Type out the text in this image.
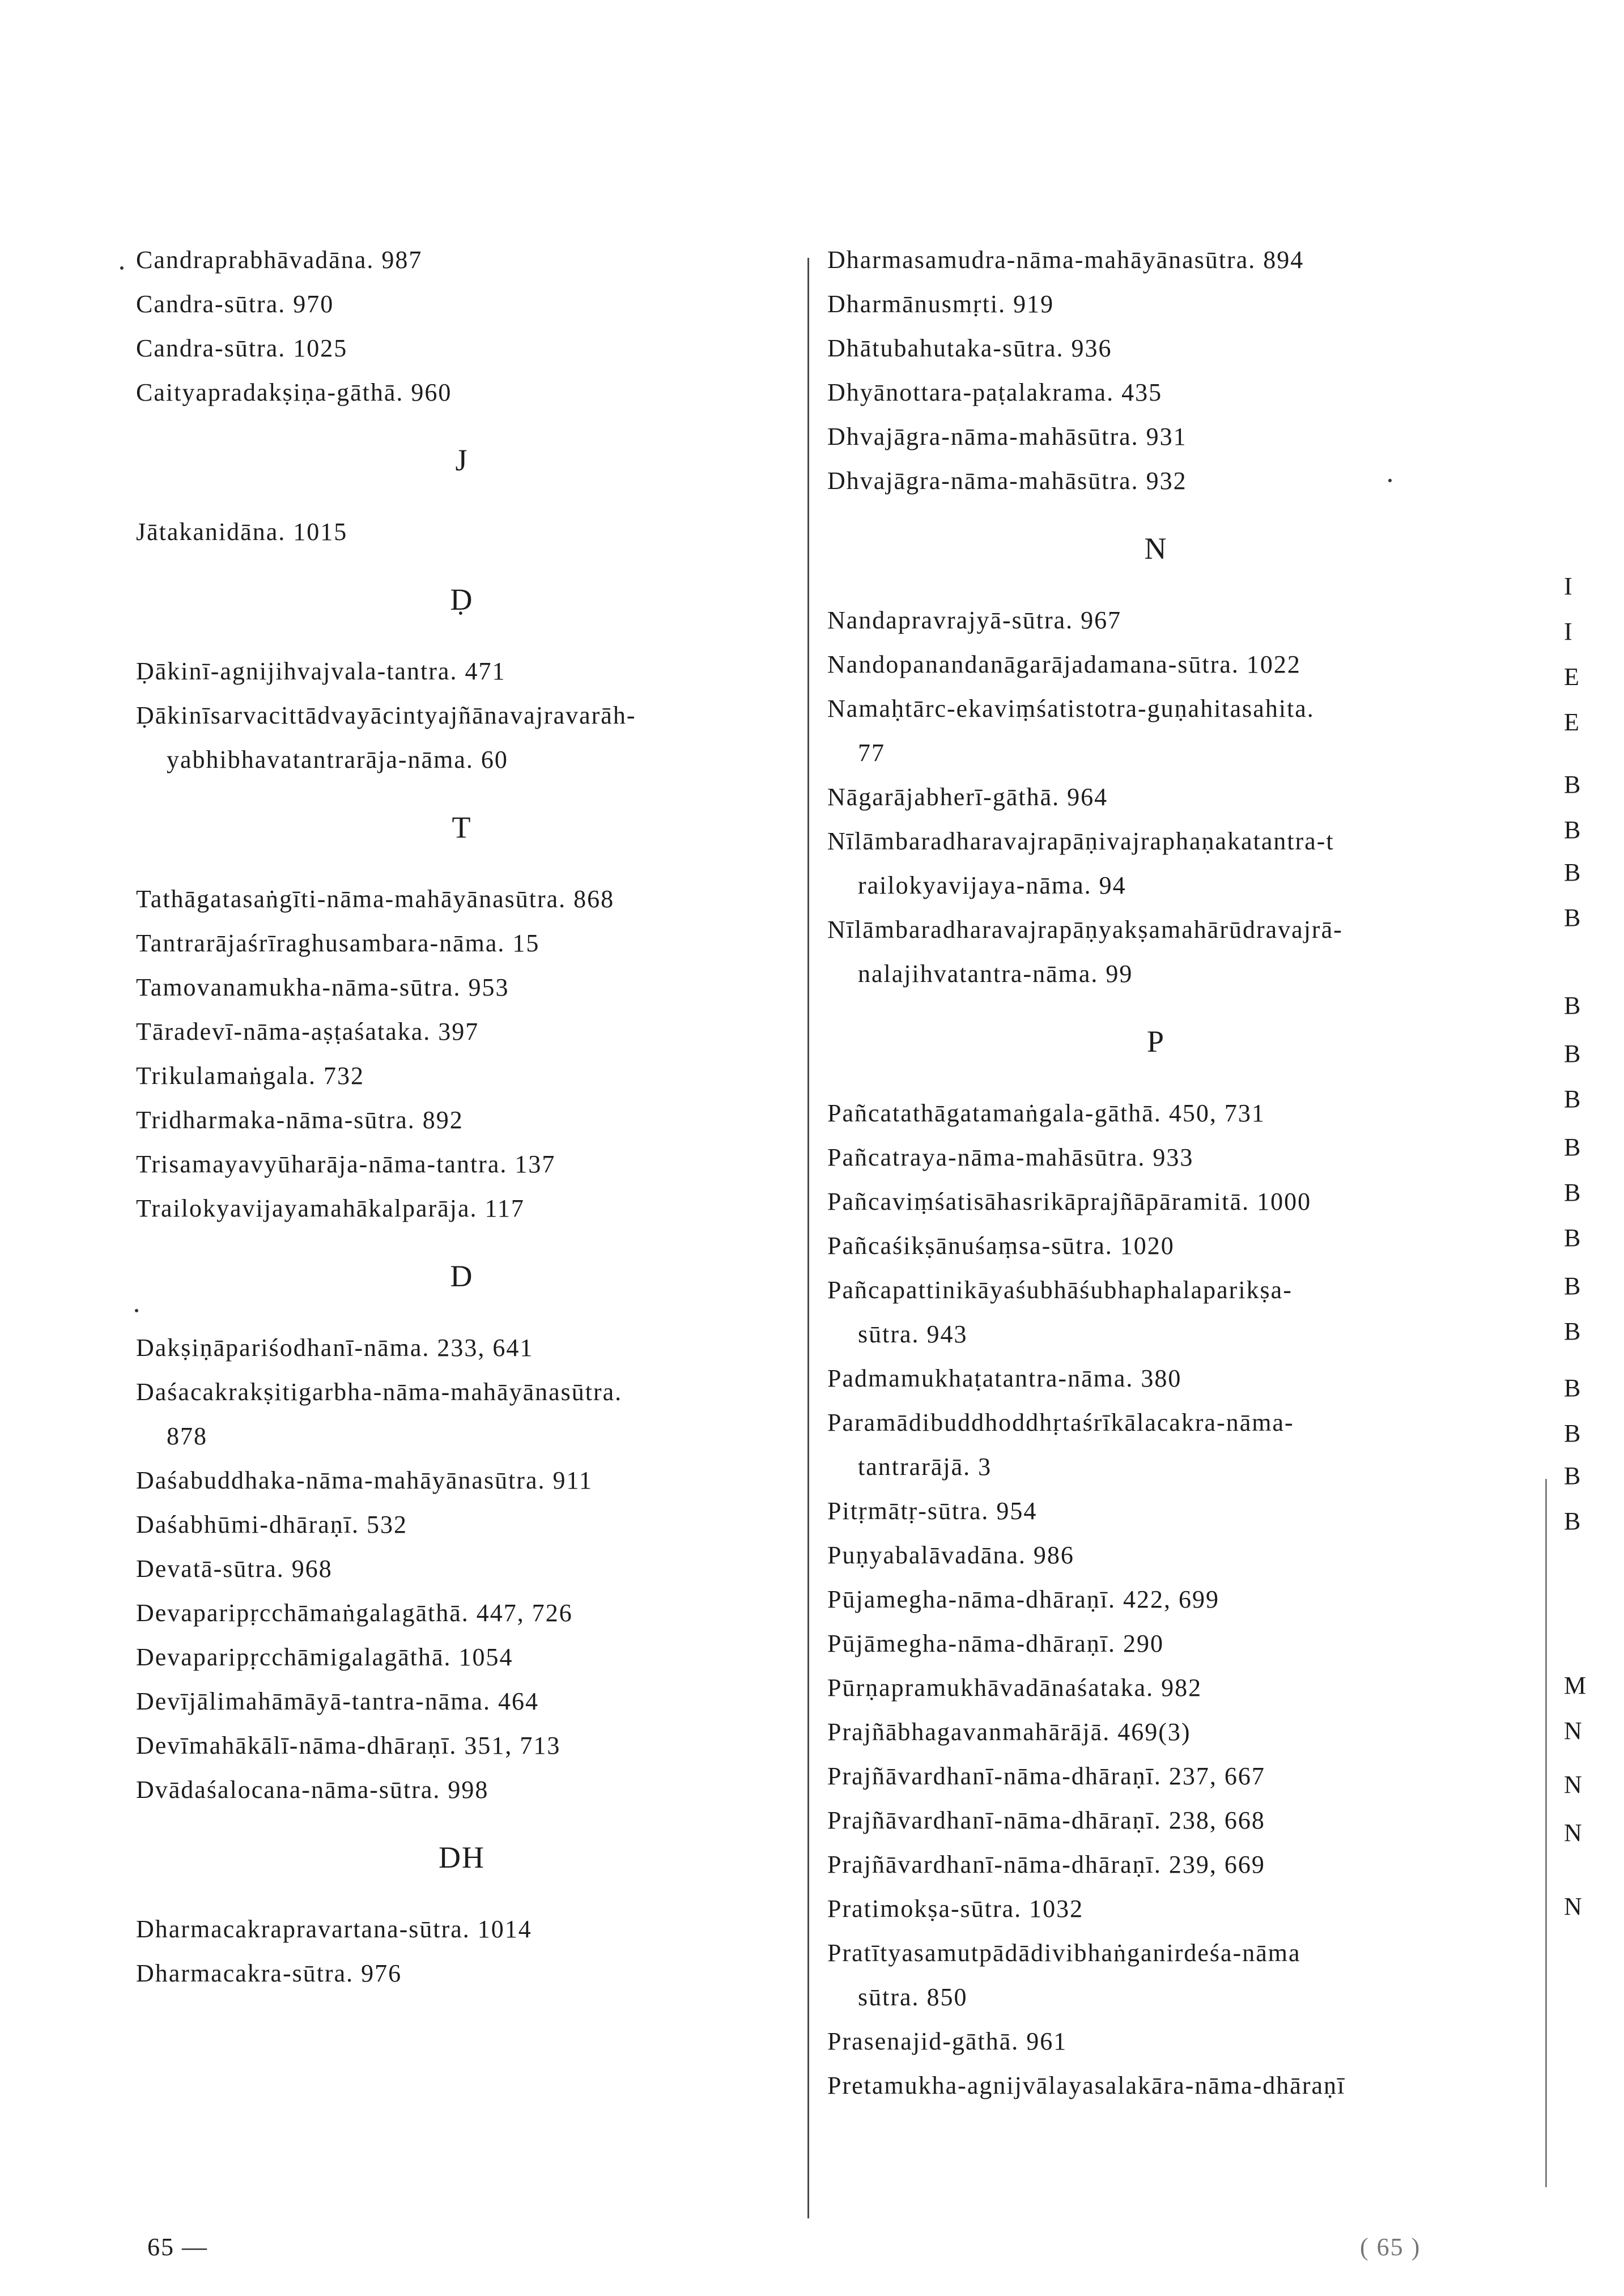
Candraprabhāvadāna. 987
Candra-sūtra. 970
Candra-sūtra. 1025
Caityapradakṣiṇa-gāthā. 960
J
Jātakanidāna. 1015
Ḍ
Ḍākinī-agnijihvajvala-tantra. 471
Ḍākinīsarvacittādvayācintyajñānavajravarāh-
yabhibhavatantrarāja-nāma. 60
T
Tathāgatasaṅgīti-nāma-mahāyānasūtra. 868
Tantrarājaśrīraghusambara-nāma. 15
Tamovanamukha-nāma-sūtra. 953
Tāradevī-nāma-aṣṭaśataka. 397
Trikulamaṅgala. 732
Tridharmaka-nāma-sūtra. 892
Trisamayavyūharāja-nāma-tantra. 137
Trailokyavijayamahākalparāja. 117
D
Dakṣiṇāpariśodhanī-nāma. 233, 641
Daśacakrakṣitigarbha-nāma-mahāyānasūtra.
878
Daśabuddhaka-nāma-mahāyānasūtra. 911
Daśabhūmi-dhāraṇī. 532
Devatā-sūtra. 968
Devaparipṛcchāmaṅgalagāthā. 447, 726
Devaparipṛcchāmigalagāthā. 1054
Devījālimahāmāyā-tantra-nāma. 464
Devīmahākālī-nāma-dhāraṇī. 351, 713
Dvādaśalocana-nāma-sūtra. 998
DH
Dharmacakrapravartana-sūtra. 1014
Dharmacakra-sūtra. 976
Dharmasamudra-nāma-mahāyānasūtra. 894
Dharmānusmṛti. 919
Dhātubahutaka-sūtra. 936
Dhyānottara-paṭalakrama. 435
Dhvajāgra-nāma-mahāsūtra. 931
Dhvajāgra-nāma-mahāsūtra. 932
N
Nandapravrajyā-sūtra. 967
Nandopanandanāgarājadamana-sūtra. 1022
Namaḥtārc-ekaviṃśatistotra-guṇahitasahita.
77
Nāgarājabherī-gāthā. 964
Nīlāmbaradharavajrapāṇivajraphaṇakatantra-t
railokyavijaya-nāma. 94
Nīlāmbaradharavajrapāṇyakṣamahārūdravajrā-
nalajihvatantra-nāma. 99
P
Pañcatathāgatamaṅgala-gāthā. 450, 731
Pañcatraya-nāma-mahāsūtra. 933
Pañcaviṃśatisāhasrikāprajñāpāramitā. 1000
Pañcaśikṣānuśaṃsa-sūtra. 1020
Pañcapattinikāyaśubhāśubhaphalaparikṣa-
sūtra. 943
Padmamukhaṭatantra-nāma. 380
Paramādibuddhoddhṛtaśrīkālacakra-nāma-
tantrarājā. 3
Pitṛmātṛ-sūtra. 954
Puṇyabalāvadāna. 986
Pūjamegha-nāma-dhāraṇī. 422, 699
Pūjāmegha-nāma-dhāraṇī. 290
Pūrṇapramukhāvadānaśataka. 982
Prajñābhagavanmahārājā. 469(3)
Prajñāvardhanī-nāma-dhāraṇī. 237, 667
Prajñāvardhanī-nāma-dhāraṇī. 238, 668
Prajñāvardhanī-nāma-dhāraṇī. 239, 669
Pratimokṣa-sūtra. 1032
Pratītyasamutpādādivibhaṅganirdeśa-nāma
sūtra. 850
Prasenajid-gāthā. 961
Pretamukha-agnijvālayasalakāra-nāma-dhāraṇī
I
I
E
E
B
B
B
B
B
B
B
B
B
B
B
B
B
B
B
B
M
N
N
N
N
65 —	( 65 )
